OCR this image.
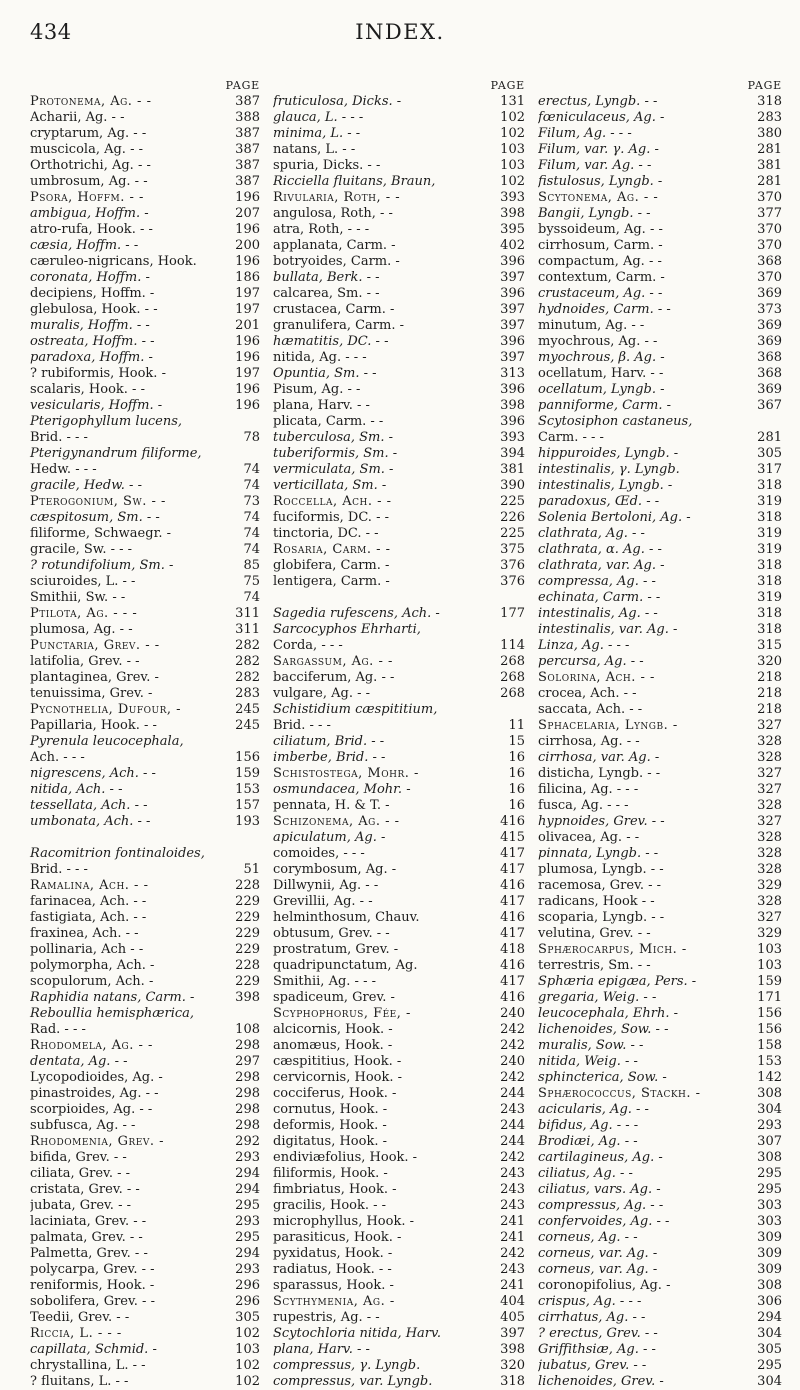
434	INDEX.
PAGE
Protonema, Ag. - -	387
Acharii, Ag. - -	388
cryptarum, Ag. - -	387
muscicola, Ag. - -	387
Orthotrichi, Ag. - -	387
umbrosum, Ag. - -	387
Psora, Hoffm. - -	196
ambigua, Hoffm. -	207
atro-rufa, Hook. - -	196
cæsia, Hoffm. - -	200
cæruleo-nigricans, Hook.	196
coronata, Hoffm. -	186
decipiens, Hoffm. -	197
glebulosa, Hook. - -	197
muralis, Hoffm. - -	201
ostreata, Hoffm. - -	196
paradoxa, Hoffm. -	196
? rubiformis, Hook. -	197
scalaris, Hook. - -	196
vesicularis, Hoffm. -	196
Pterigophyllum lucens,
Brid. - - -	78
Pterigynandrum filiforme,
Hedw. - - -	74
gracile, Hedw. - -	74
Pterogonium, Sw. - -	73
cæspitosum, Sm. - -	74
filiforme, Schwaegr. -	74
gracile, Sw. - - -	74
? rotundifolium, Sm. -	85
sciuroides, L. - -	75
Smithii, Sw. - -	74
Ptilota, Ag. - - -	311
plumosa, Ag. - -	311
Punctaria, Grev. - -	282
latifolia, Grev. - -	282
plantaginea, Grev. -	282
tenuissima, Grev. -	283
Pycnothelia, Dufour, -	245
Papillaria, Hook. - -	245
Pyrenula leucocephala,
Ach. - - -	156
nigrescens, Ach. - -	159
nitida, Ach. - -	153
tessellata, Ach. - -	157
umbonata, Ach. - -	193
Racomitrion fontinaloides,
Brid. - - -	51
Ramalina, Ach. - -	228
farinacea, Ach. - -	229
fastigiata, Ach. - -	229
fraxinea, Ach. - -	229
pollinaria, Ach - -	229
polymorpha, Ach. -	228
scopulorum, Ach. -	229
Raphidia natans, Carm. -	398
Reboullia hemisphærica,
Rad. - - -	108
Rhodomela, Ag. - -	298
dentata, Ag. - -	297
Lycopodioides, Ag. -	298
pinastroides, Ag. - -	298
scorpioides, Ag. - -	298
subfusca, Ag. - -	298
Rhodomenia, Grev. -	292
bifida, Grev. - -	293
ciliata, Grev. - -	294
cristata, Grev. - -	294
jubata, Grev. - -	295
laciniata, Grev. - -	293
palmata, Grev. - -	295
Palmetta, Grev. - -	294
polycarpa, Grev. - -	293
reniformis, Hook. -	296
sobolifera, Grev. - -	296
Teedii, Grev. - -	305
Riccia, L. - - -	102
capillata, Schmid. -	103
chrystallina, L. - -	102
? fluitans, L. - -	102
PAGE
fruticulosa, Dicks. -	131
glauca, L. - - -	102
minima, L. - -	102
natans, L. - -	103
spuria, Dicks. - -	103
Ricciella fluitans, Braun,	102
Rivularia, Roth, - -	393
angulosa, Roth, - -	398
atra, Roth, - - -	395
applanata, Carm. -	402
botryoides, Carm. -	396
bullata, Berk. - -	397
calcarea, Sm. - -	396
crustacea, Carm. -	397
granulifera, Carm. -	397
hæmatitis, DC. - -	396
nitida, Ag. - - -	397
Opuntia, Sm. - -	313
Pisum, Ag. - -	396
plana, Harv. - -	398
plicata, Carm. - -	396
tuberculosa, Sm. -	393
tuberiformis, Sm. -	394
vermiculata, Sm. -	381
verticillata, Sm. -	390
Roccella, Ach. - -	225
fuciformis, DC. - -	226
tinctoria, DC. - -	225
Rosaria, Carm. - -	375
globifera, Carm. -	376
lentigera, Carm. -	376
Sagedia rufescens, Ach. -	177
Sarcocyphos Ehrharti,
Corda, - - -	114
Sargassum, Ag. - -	268
bacciferum, Ag. - -	268
vulgare, Ag. - -	268
Schistidium cæspititium,
Brid. - - -	11
ciliatum, Brid. - -	15
imberbe, Brid. - -	16
Schistostega, Mohr. -	16
osmundacea, Mohr. -	16
pennata, H. & T. -	16
Schizonema, Ag. - -	416
apiculatum, Ag. -	415
comoides, - - -	417
corymbosum, Ag. -	417
Dillwynii, Ag. - -	416
Grevillii, Ag. - -	417
helminthosum, Chauv.	416
obtusum, Grev. - -	417
prostratum, Grev. -	418
quadripunctatum, Ag.	416
Smithii, Ag. - - -	417
spadiceum, Grev. -	416
Scyphophorus, Fée, -	240
alcicornis, Hook. -	242
anomæus, Hook. -	242
cæspititius, Hook. -	240
cervicornis, Hook. -	242
cocciferus, Hook. -	244
cornutus, Hook. -	243
deformis, Hook. -	244
digitatus, Hook. -	244
endiviæfolius, Hook. -	242
filiformis, Hook. -	243
fimbriatus, Hook. -	243
gracilis, Hook. - -	243
microphyllus, Hook. -	241
parasiticus, Hook. -	241
pyxidatus, Hook. -	242
radiatus, Hook. - -	243
sparassus, Hook. -	241
Scythymenia, Ag. -	404
rupestris, Ag. - -	405
Scytochloria nitida, Harv.	397
plana, Harv. - -	398
compressus, γ. Lyngb.	320
compressus, var. Lyngb.	318
PAGE
erectus, Lyngb. - -	318
fœniculaceus, Ag. -	283
Filum, Ag. - - -	380
Filum, var. γ. Ag. -	281
Filum, var. Ag. - -	381
fistulosus, Lyngb. -	281
Scytonema, Ag. - -	370
Bangii, Lyngb. - -	377
byssoideum, Ag. - -	370
cirrhosum, Carm. -	370
compactum, Ag. - -	368
contextum, Carm. -	370
crustaceum, Ag. - -	369
hydnoides, Carm. - -	373
minutum, Ag. - -	369
myochrous, Ag. - -	369
myochrous, β. Ag. -	368
ocellatum, Harv. - -	368
ocellatum, Lyngb. -	369
panniforme, Carm. -	367
Scytosiphon castaneus,
Carm. - - -	281
hippuroides, Lyngb. -	305
intestinalis, γ. Lyngb.	317
intestinalis, Lyngb. -	318
paradoxus, Œd. - -	319
Solenia Bertoloni, Ag. -	318
clathrata, Ag. - -	319
clathrata, α. Ag. - -	319
clathrata, var. Ag. -	318
compressa, Ag. - -	318
echinata, Carm. - -	319
intestinalis, Ag. - -	318
intestinalis, var. Ag. -	318
Linza, Ag. - - -	315
percursa, Ag. - -	320
Solorina, Ach. - -	218
crocea, Ach. - -	218
saccata, Ach. - -	218
Sphacelaria, Lyngb. -	327
cirrhosa, Ag. - -	328
cirrhosa, var. Ag. -	328
disticha, Lyngb. - -	327
filicina, Ag. - - -	327
fusca, Ag. - - -	328
hypnoides, Grev. - -	327
olivacea, Ag. - -	328
pinnata, Lyngb. - -	328
plumosa, Lyngb. - -	328
racemosa, Grev. - -	329
radicans, Hook - -	328
scoparia, Lyngb. - -	327
velutina, Grev. - -	329
Sphærocarpus, Mich. -	103
terrestris, Sm. - -	103
Sphæria epigæa, Pers. -	159
gregaria, Weig. - -	171
leucocephala, Ehrh. -	156
lichenoides, Sow. - -	156
muralis, Sow. - -	158
nitida, Weig. - -	153
sphincterica, Sow. -	142
Sphærococcus, Stackh. -	308
acicularis, Ag. - -	304
bifidus, Ag. - - -	293
Brodiæi, Ag. - -	307
cartilagineus, Ag. -	308
ciliatus, Ag. - -	295
ciliatus, vars. Ag. -	295
compressus, Ag. - -	303
confervoides, Ag. - -	303
corneus, Ag. - -	309
corneus, var. Ag. -	309
corneus, var. Ag. -	309
coronopifolius, Ag. -	308
crispus, Ag. - - -	306
cirrhatus, Ag. - -	294
? erectus, Grev. - -	304
Griffithsiæ, Ag. - -	305
jubatus, Grev. - -	295
lichenoides, Grev. -	304
